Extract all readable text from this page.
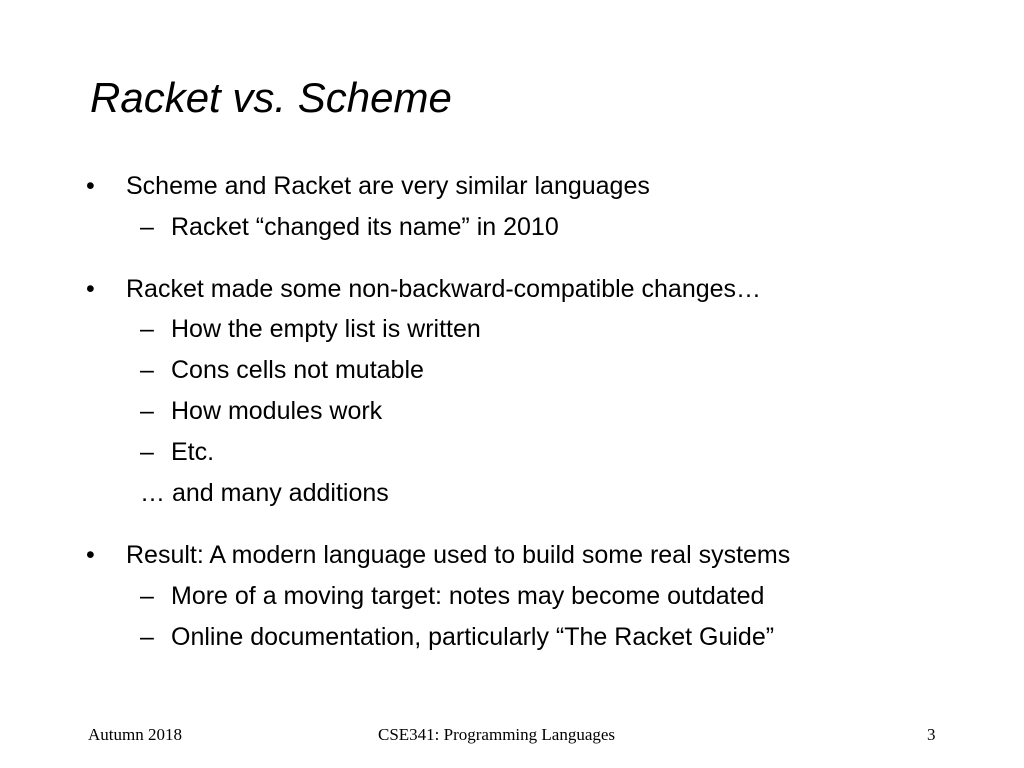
Racket vs. Scheme
• Scheme and Racket are very similar languages
– Racket “changed its name” in 2010
• Racket made some non-backward-compatible changes…
– How the empty list is written
– Cons cells not mutable
– How modules work
– Etc.
… and many additions
• Result: A modern language used to build some real systems
– More of a moving target: notes may become outdated
– Online documentation, particularly “The Racket Guide”
Autumn 2018	CSE341: Programming Languages	3
